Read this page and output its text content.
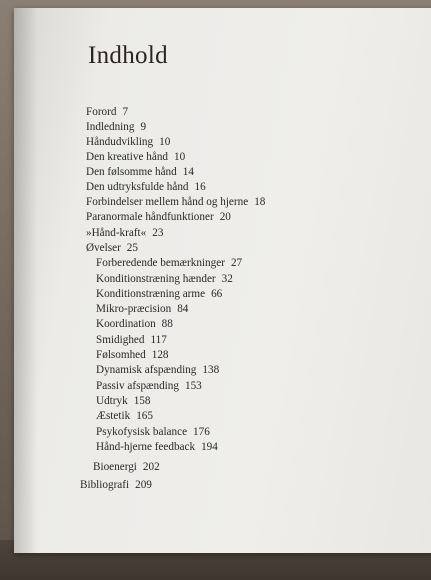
Indhold
Forord 7
Indledning 9
Håndudvikling 10
Den kreative hånd 10
Den følsomme hånd 14
Den udtryksfulde hånd 16
Forbindelser mellem hånd og hjerne 18
Paranormale håndfunktioner 20
»Hånd-kraft« 23
Øvelser 25
Forberedende bemærkninger 27
Konditionstræning hænder 32
Konditionstræning arme 66
Mikro-præcision 84
Koordination 88
Smidighed 117
Følsomhed 128
Dynamisk afspænding 138
Passiv afspænding 153
Udtryk 158
Æstetik 165
Psykofysisk balance 176
Hånd-hjerne feedback 194
Bioenergi 202
Bibliografi 209
